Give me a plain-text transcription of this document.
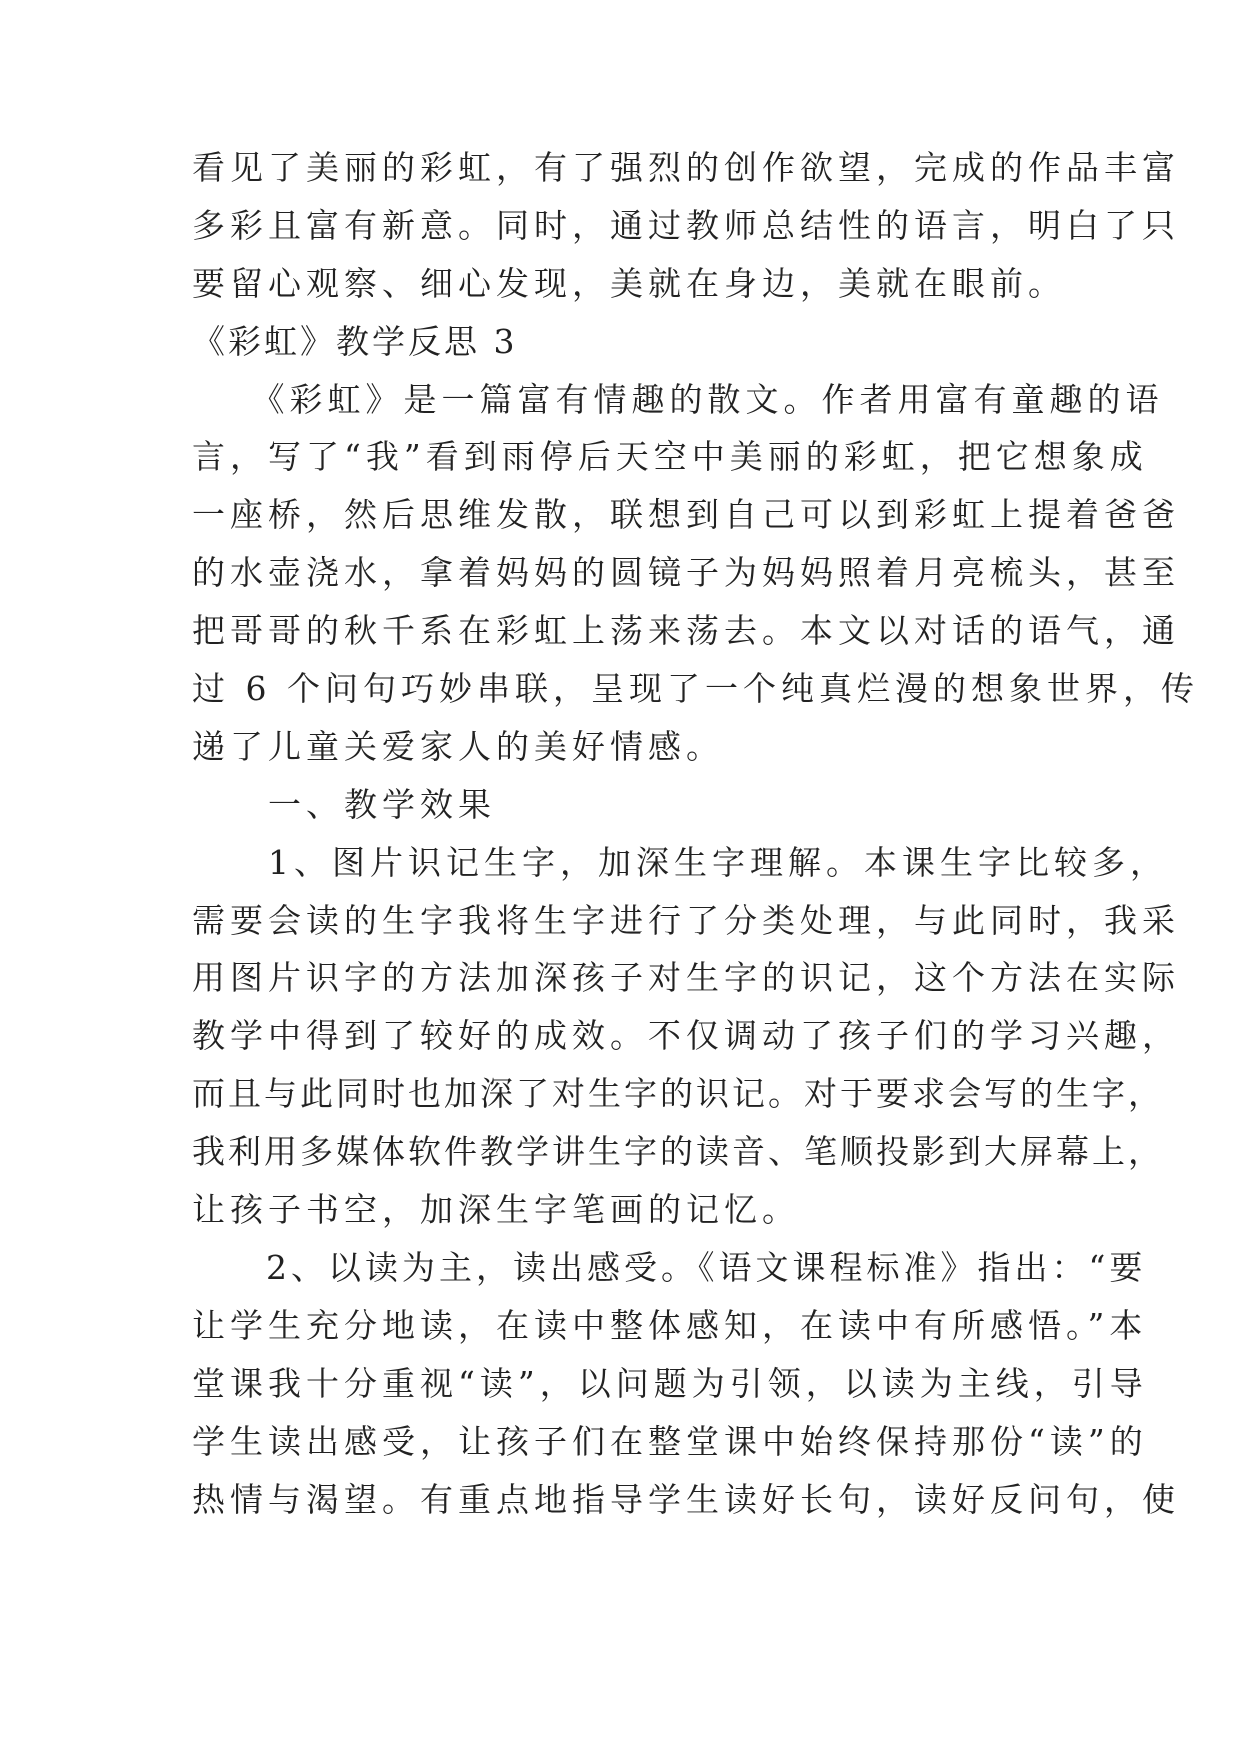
看见了美丽的彩虹，有了强烈的创作欲望，完成的作品丰富
多彩且富有新意。同时，通过教师总结性的语言，明白了只
要留心观察、细心发现，美就在身边，美就在眼前。
《彩虹》教学反思 3
　　《彩虹》是一篇富有情趣的散文。作者用富有童趣的语
言，写了“我”看到雨停后天空中美丽的彩虹，把它想象成
一座桥，然后思维发散，联想到自己可以到彩虹上提着爸爸
的水壶浇水，拿着妈妈的圆镜子为妈妈照着月亮梳头，甚至
把哥哥的秋千系在彩虹上荡来荡去。本文以对话的语气，通
过 6 个问句巧妙串联，呈现了一个纯真烂漫的想象世界，传
递了儿童关爱家人的美好情感。
　　一、教学效果
　　1、图片识记生字，加深生字理解。本课生字比较多，
需要会读的生字我将生字进行了分类处理，与此同时，我采
用图片识字的方法加深孩子对生字的识记，这个方法在实际
教学中得到了较好的成效。不仅调动了孩子们的学习兴趣，
而且与此同时也加深了对生字的识记。对于要求会写的生字，
我利用多媒体软件教学讲生字的读音、笔顺投影到大屏幕上，
让孩子书空，加深生字笔画的记忆。
　　2、以读为主，读出感受。《语文课程标准》指出：“要
让学生充分地读，在读中整体感知，在读中有所感悟。”本
堂课我十分重视“读”，以问题为引领，以读为主线，引导
学生读出感受，让孩子们在整堂课中始终保持那份“读”的
热情与渴望。有重点地指导学生读好长句，读好反问句，使
